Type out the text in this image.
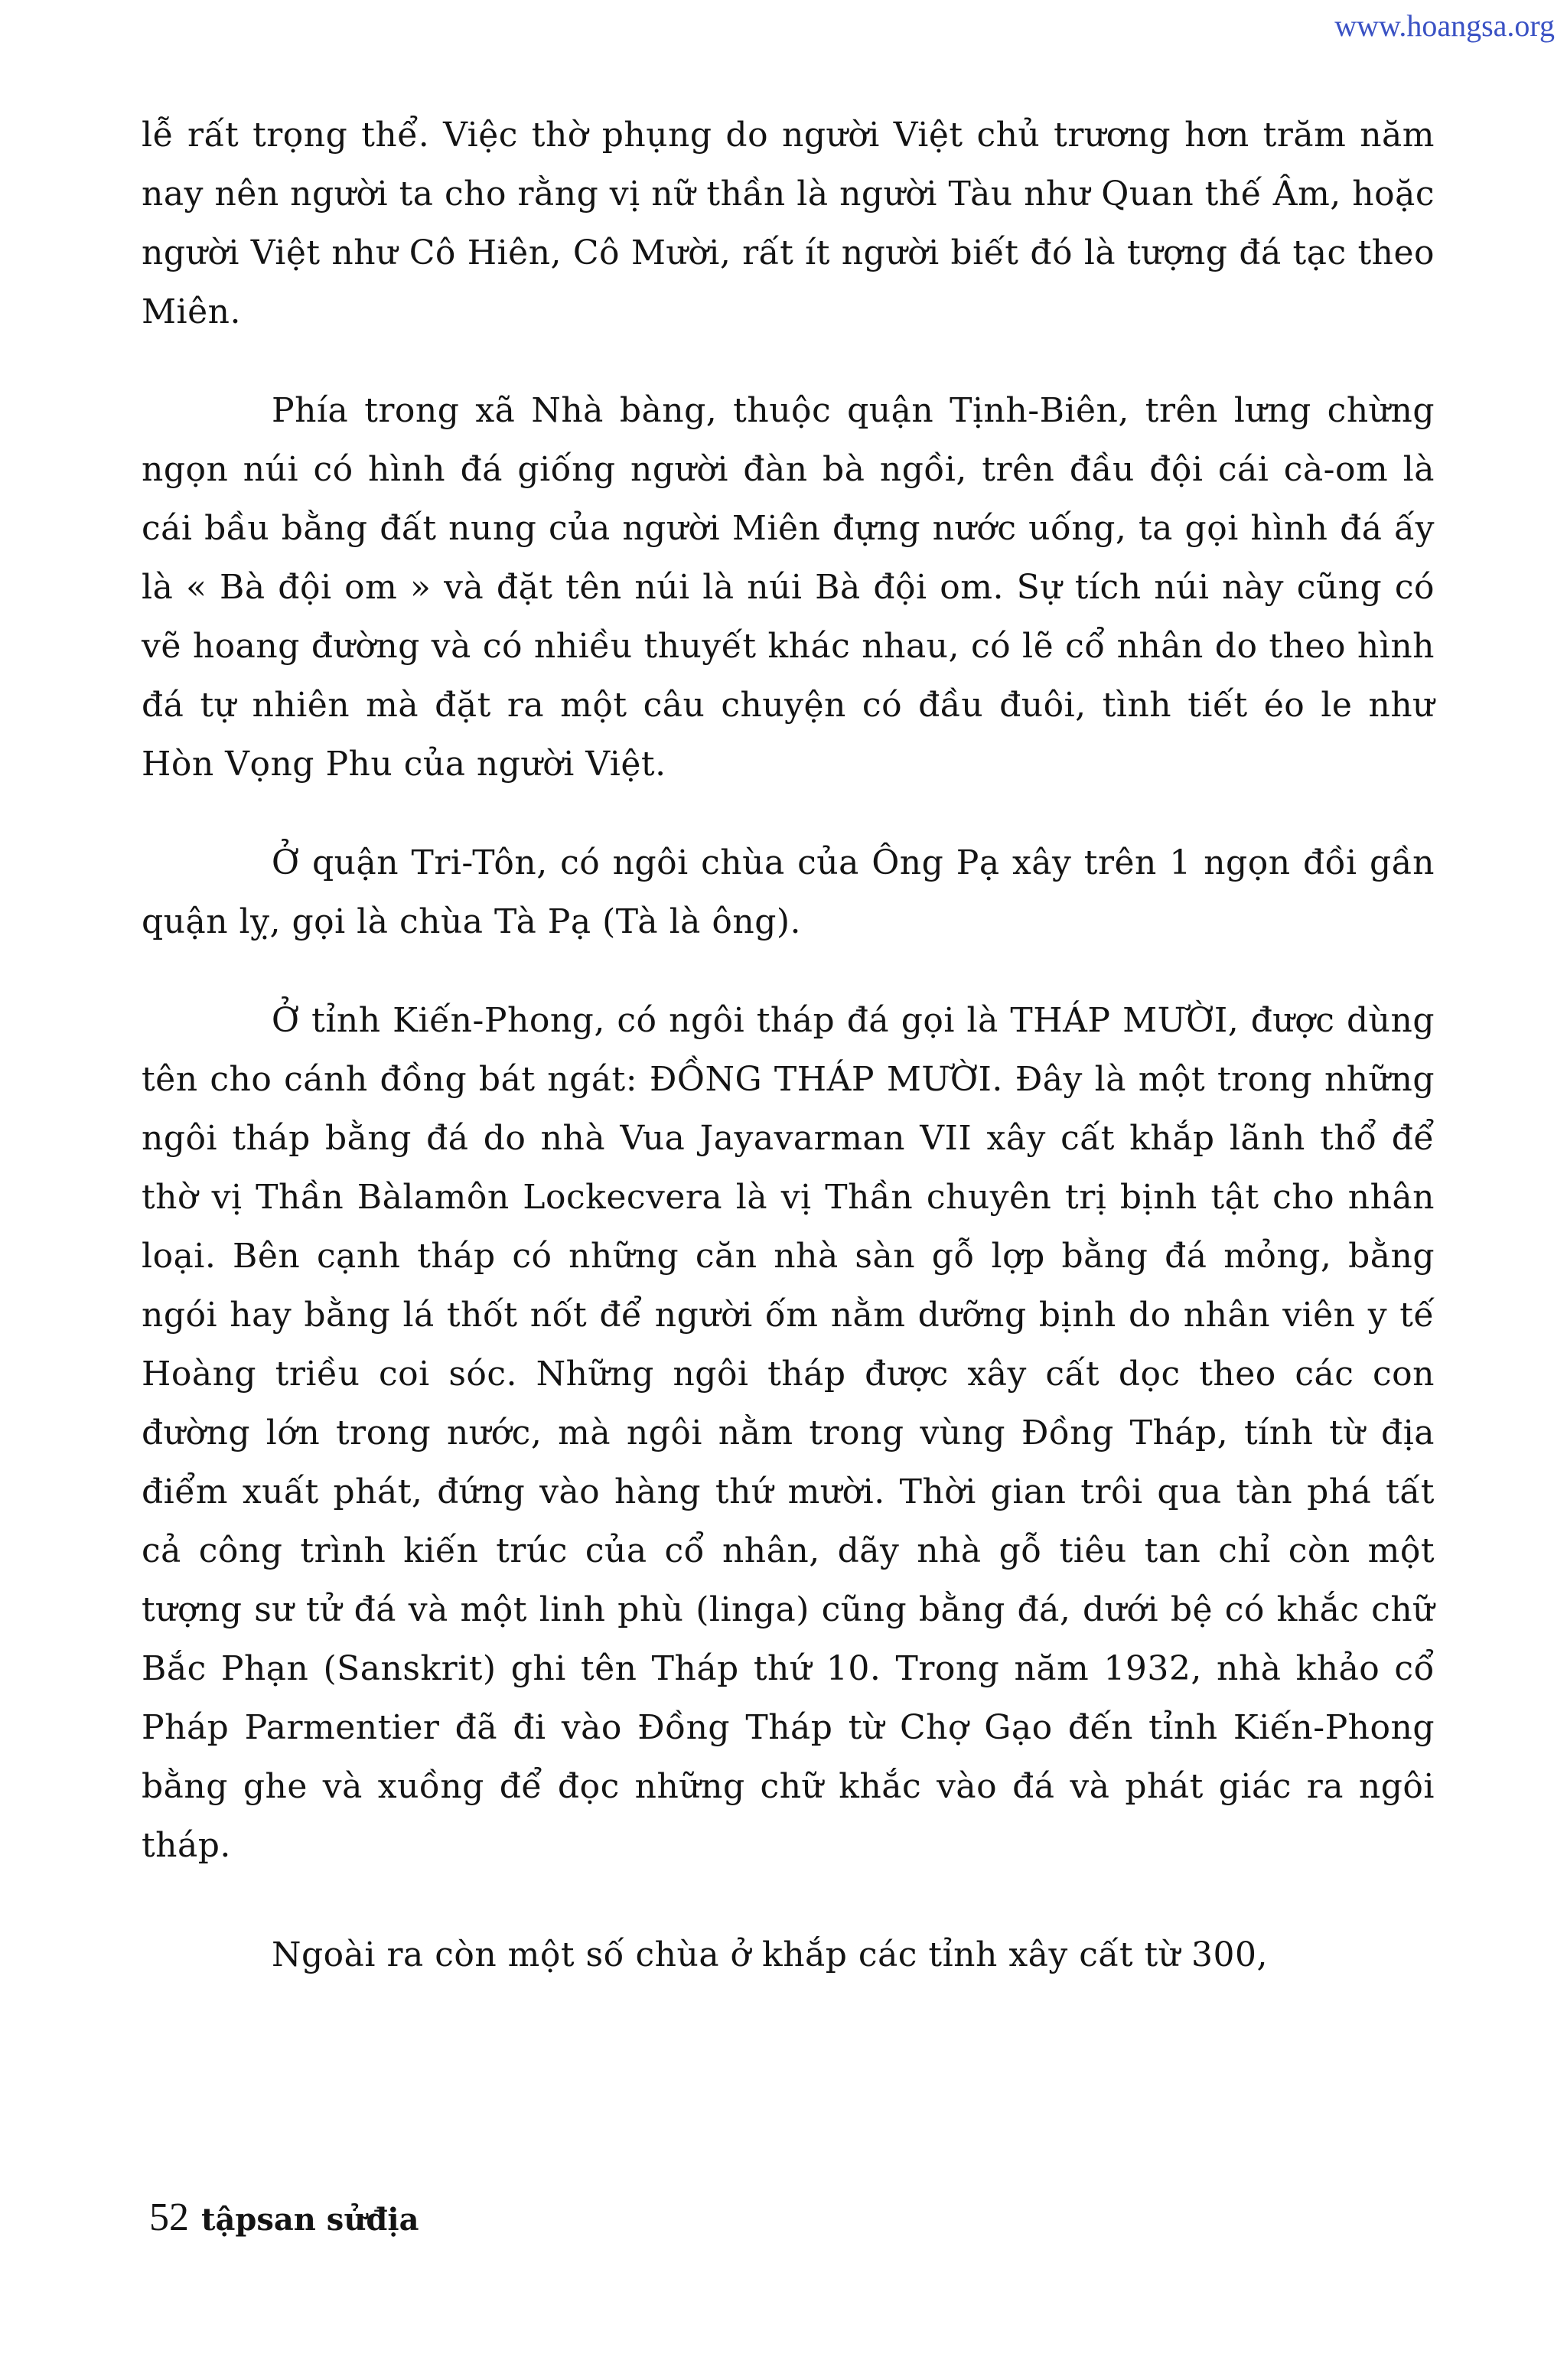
www.hoangsa.org

lễ rất trọng thể. Việc thờ phụng do người Việt chủ trương hơn trăm năm nay nên người ta cho rằng vị nữ thần là người Tàu như Quan thế Âm, hoặc người Việt như Cô Hiên, Cô Mười, rất ít người biết đó là tượng đá tạc theo Miên.

Phía trong xã Nhà bàng, thuộc quận Tịnh-Biên, trên lưng chừng ngọn núi có hình đá giống người đàn bà ngồi, trên đầu đội cái cà-om là cái bầu bằng đất nung của người Miên đựng nước uống, ta gọi hình đá ấy là « Bà đội om » và đặt tên núi là núi Bà đội om. Sự tích núi này cũng có vẽ hoang đường và có nhiều thuyết khác nhau, có lẽ cổ nhân do theo hình đá tự nhiên mà đặt ra một câu chuyện có đầu đuôi, tình tiết éo le như Hòn Vọng Phu của người Việt.

Ở quận Tri-Tôn, có ngôi chùa của Ông Pạ xây trên 1 ngọn đồi gần quận lỵ, gọi là chùa Tà Pạ (Tà là ông).

Ở tỉnh Kiến-Phong, có ngôi tháp đá gọi là THÁP MƯỜI, được dùng tên cho cánh đồng bát ngát: ĐỒNG THÁP MƯỜI. Đây là một trong những ngôi tháp bằng đá do nhà Vua Jayavarman VII xây cất khắp lãnh thổ để thờ vị Thần Bàlamôn Lockecvera là vị Thần chuyên trị bịnh tật cho nhân loại. Bên cạnh tháp có những căn nhà sàn gỗ lợp bằng đá mỏng, bằng ngói hay bằng lá thốt nốt để người ốm nằm dưỡng bịnh do nhân viên y tế Hoàng triều coi sóc. Những ngôi tháp được xây cất dọc theo các con đường lớn trong nước, mà ngôi nằm trong vùng Đồng Tháp, tính từ địa điểm xuất phát, đứng vào hàng thứ mười. Thời gian trôi qua tàn phá tất cả công trình kiến trúc của cổ nhân, dãy nhà gỗ tiêu tan chỉ còn một tượng sư tử đá và một linh phù (linga) cũng bằng đá, dưới bệ có khắc chữ Bắc Phạn (Sanskrit) ghi tên Tháp thứ 10. Trong năm 1932, nhà khảo cổ Pháp Parmentier đã đi vào Đồng Tháp từ Chợ Gạo đến tỉnh Kiến-Phong bằng ghe và xuồng để đọc những chữ khắc vào đá và phát giác ra ngôi tháp.

Ngoài ra còn một số chùa ở khắp các tỉnh xây cất từ 300,

52 tậpsan sửđịa
